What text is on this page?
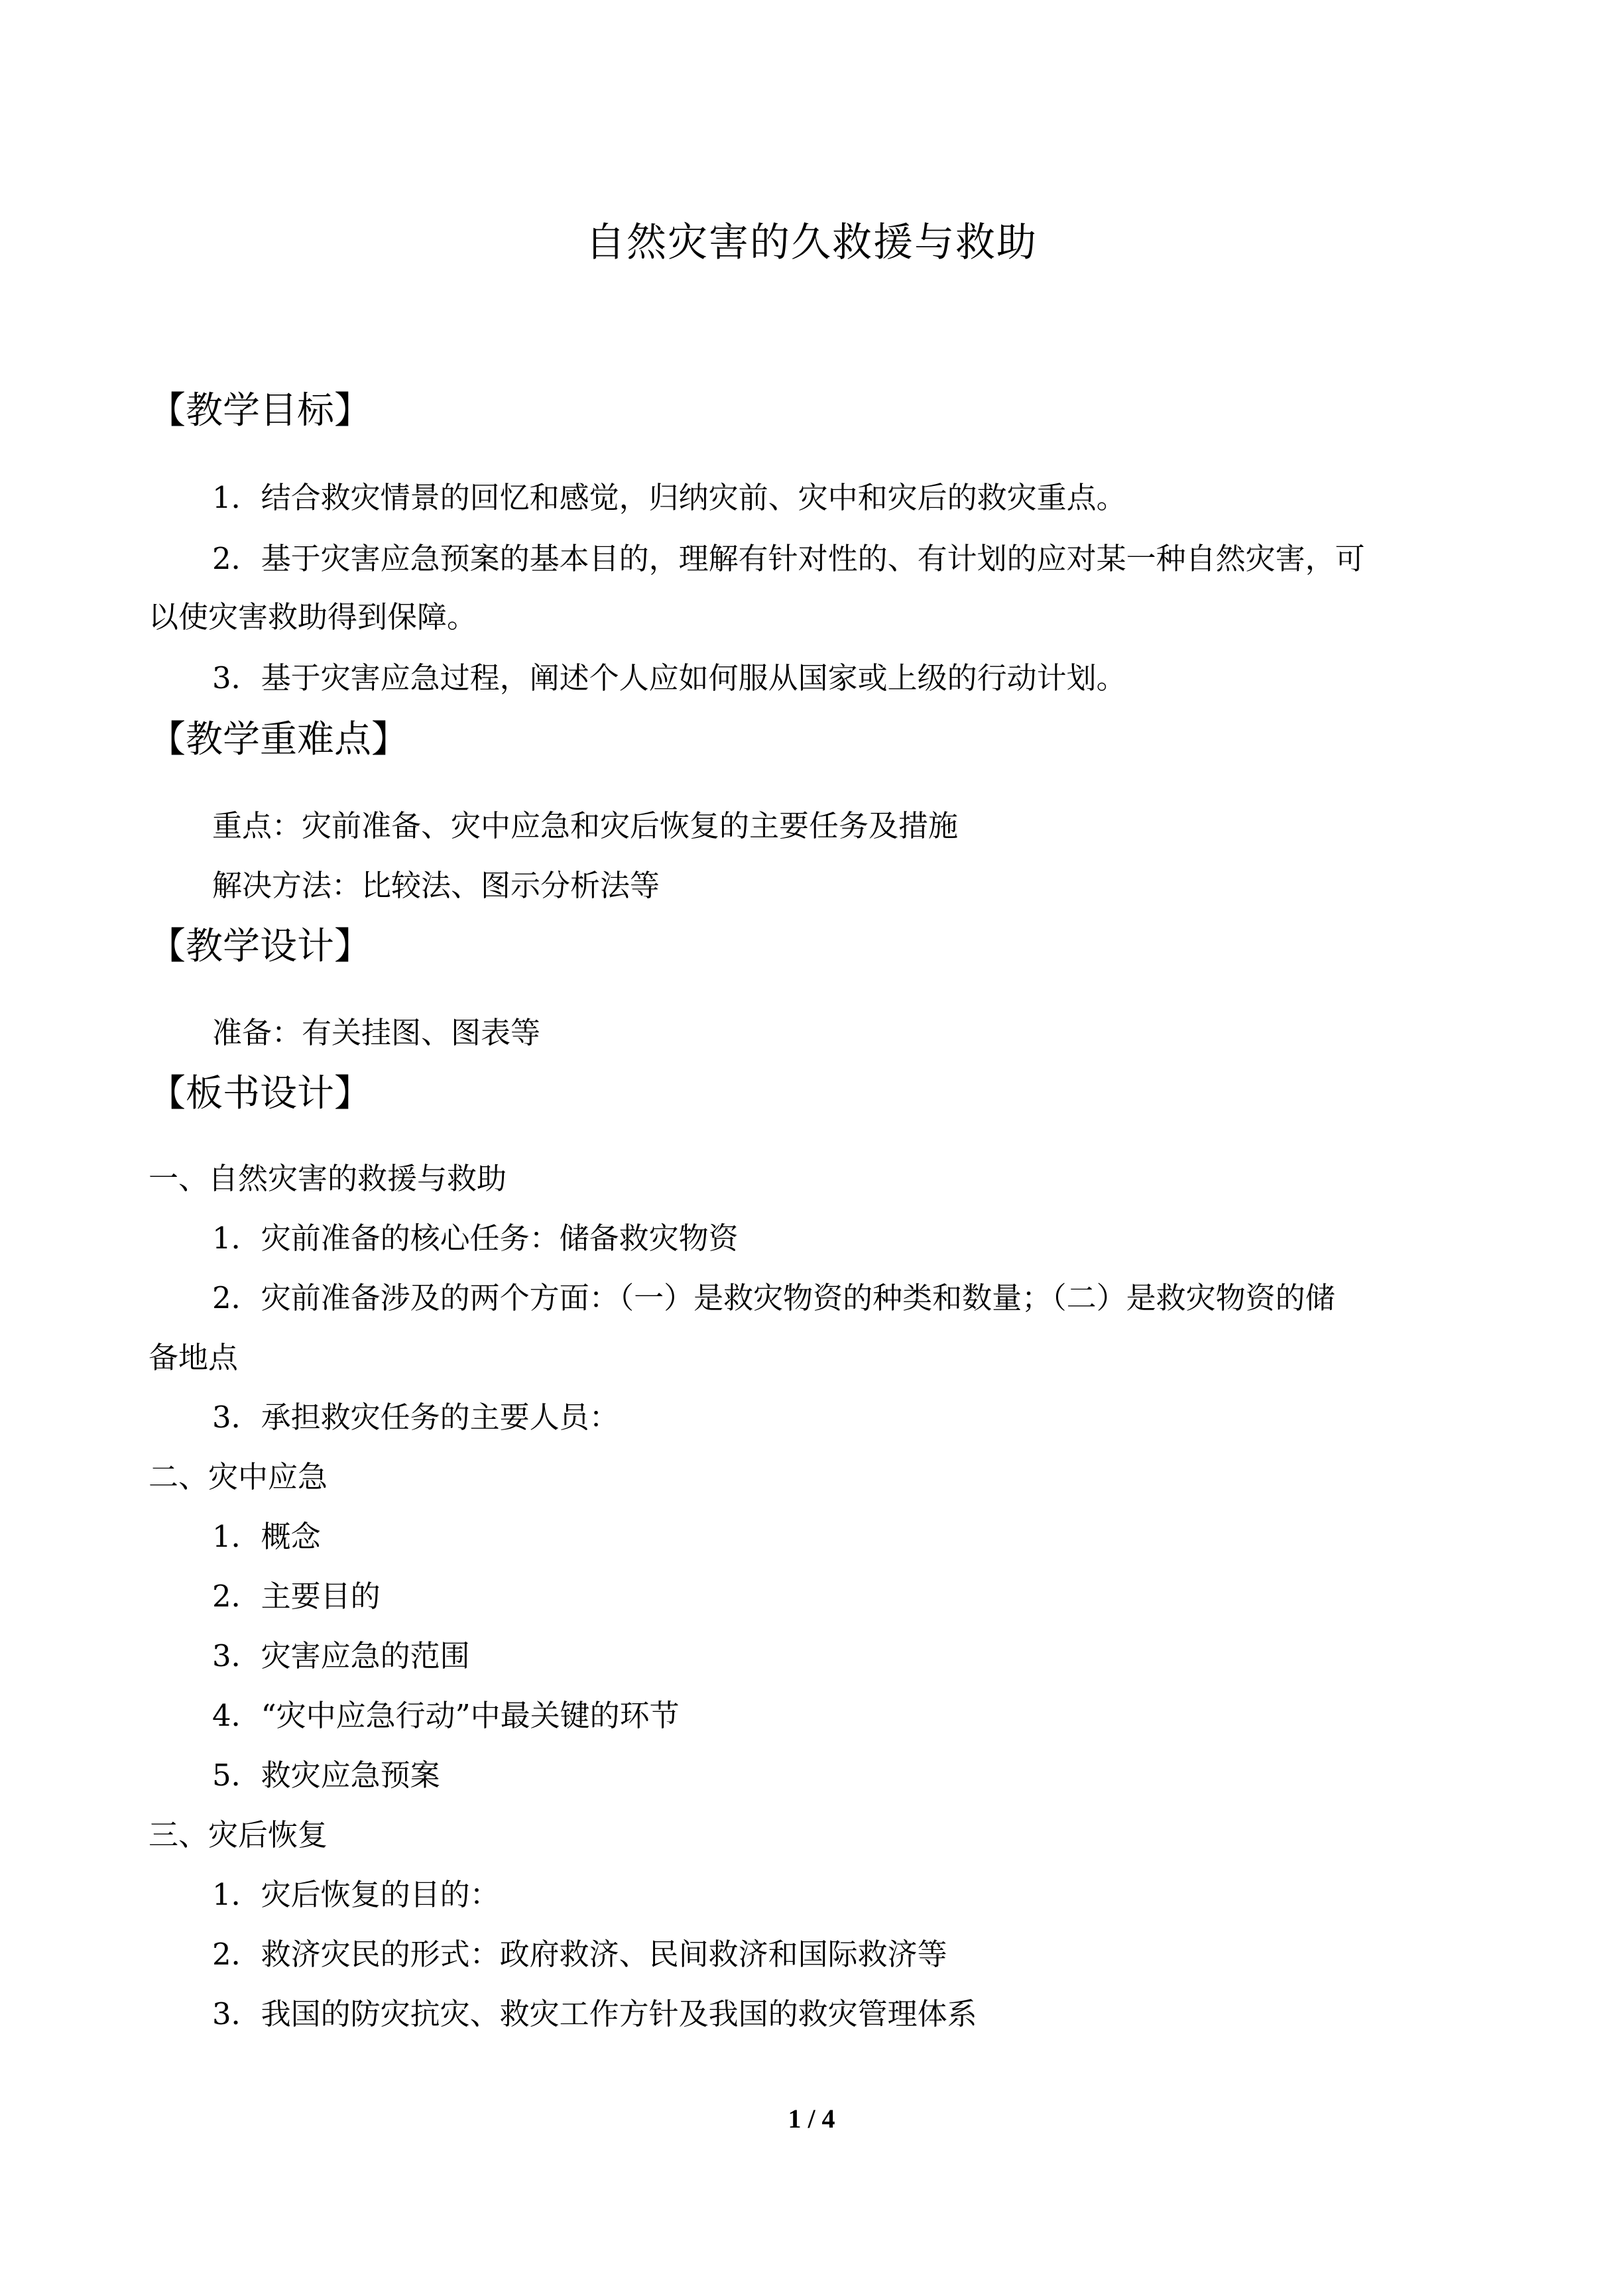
自然灾害的久救援与救助
【教学目标】
1．结合救灾情景的回忆和感觉，归纳灾前、灾中和灾后的救灾重点。
2．基于灾害应急预案的基本目的，理解有针对性的、有计划的应对某一种自然灾害，可
以使灾害救助得到保障。
3．基于灾害应急过程，阐述个人应如何服从国家或上级的行动计划。
【教学重难点】
重点：灾前准备、灾中应急和灾后恢复的主要任务及措施
解决方法：比较法、图示分析法等
【教学设计】
准备：有关挂图、图表等
【板书设计】
一、自然灾害的救援与救助
1．灾前准备的核心任务：储备救灾物资
2．灾前准备涉及的两个方面：（一）是救灾物资的种类和数量；（二）是救灾物资的储
备地点
3．承担救灾任务的主要人员：
二、灾中应急
1．概念
2．主要目的
3．灾害应急的范围
4．“灾中应急行动”中最关键的环节
5．救灾应急预案
三、灾后恢复
1．灾后恢复的目的：
2．救济灾民的形式：政府救济、民间救济和国际救济等
3．我国的防灾抗灾、救灾工作方针及我国的救灾管理体系
1 / 4
